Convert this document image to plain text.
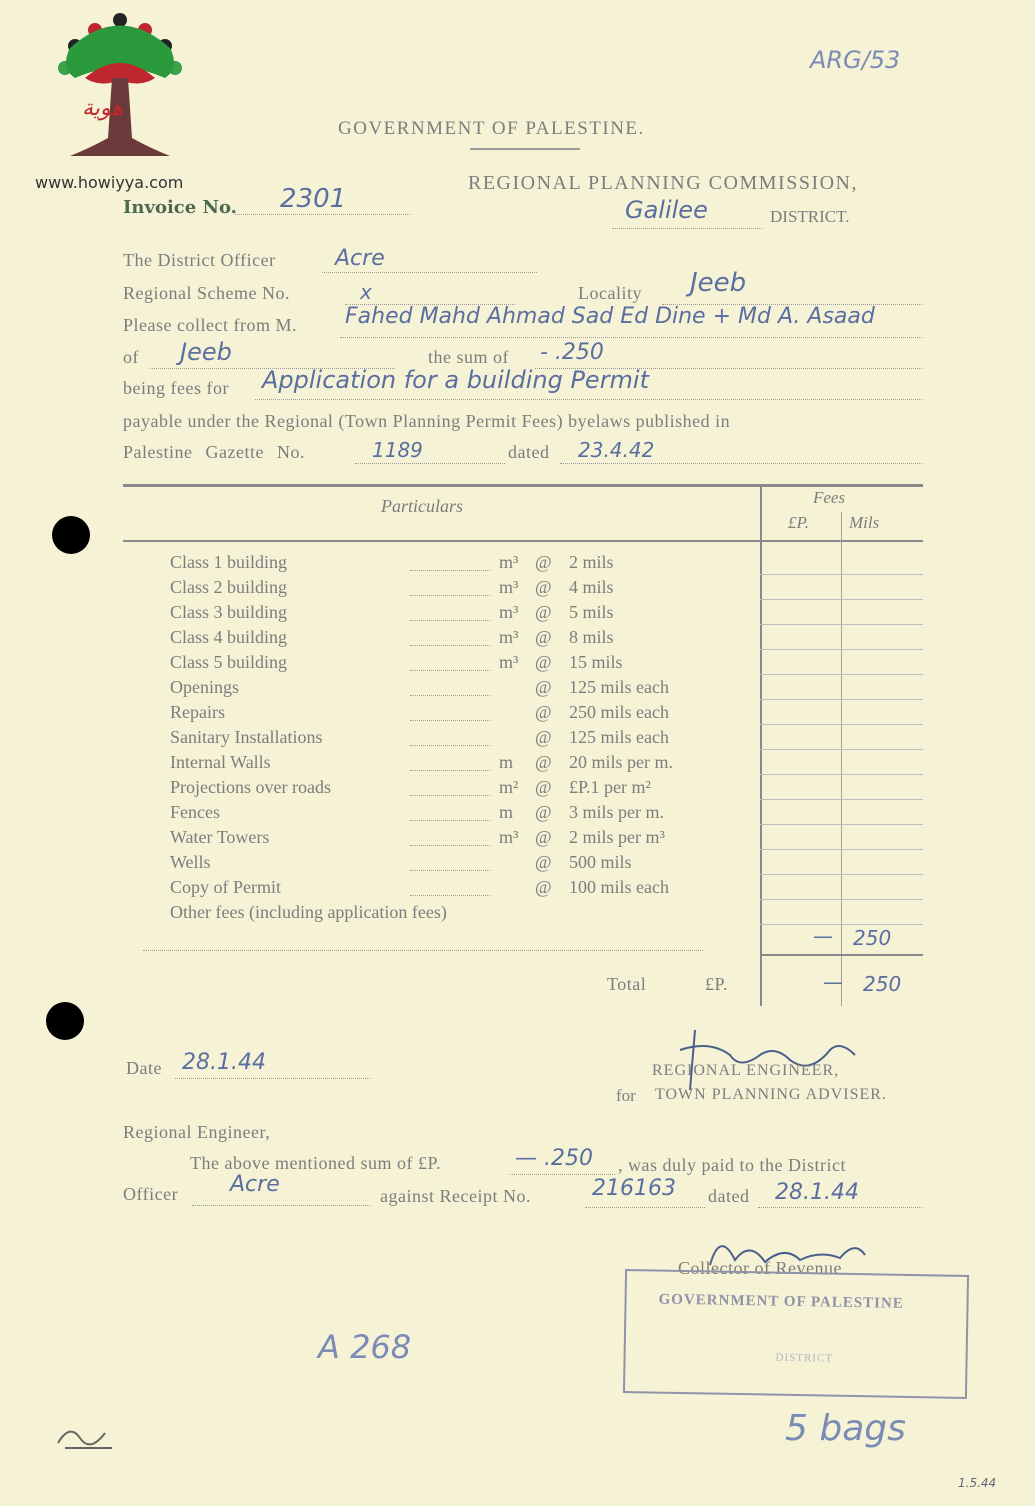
هوية
www.howiyya.com
ARG/53
GOVERNMENT OF PALESTINE.
REGIONAL PLANNING COMMISSION,
Invoice No. 2301	Galilee	DISTRICT.
The District Officer	Acre
Regional Scheme No.	x	Locality Jeeb
Please collect from M. Fahed Mahd Ahmad Sad Ed Dine + Md A. Asaad
of Jeeb	the sum of - .250
being fees for Application for a building Permit
payable under the Regional (Town Planning Permit Fees) byelaws published in
Palestine Gazette No.	1189	dated 23.4.42
Particulars	Fees
£P. Mils
Class 1 building	m³ @ 2 mils
Class 2 building	m³ @ 4 mils
Class 3 building	m³ @ 5 mils
Class 4 building	m³ @ 8 mils
Class 5 building	m³ @ 15 mils
Openings	@ 125 mils each
Repairs	@ 250 mils each
Sanitary Installations	@ 125 mils each
Internal Walls	m @ 20 mils per m.
Projections over roads	m² @ £P.1 per m²
Fences	m @ 3 mils per m.
Water Towers	m³ @ 2 mils per m³
Wells	@ 500 mils
Copy of Permit	@ 100 mils each
Other fees (including application fees)
— 250
Total	£P.	— 250
Date 28.1.44	REGIONAL ENGINEER,
for TOWN PLANNING ADVISER.
Regional Engineer,
The above mentioned sum of £P.	— .250 , was duly paid to the District
Officer Acre	against Receipt No.	216163 dated 28.1.44
Collector of Revenue
GOVERNMENT OF PALESTINE
DISTRICT
A 268
5 bags
1.5.44
